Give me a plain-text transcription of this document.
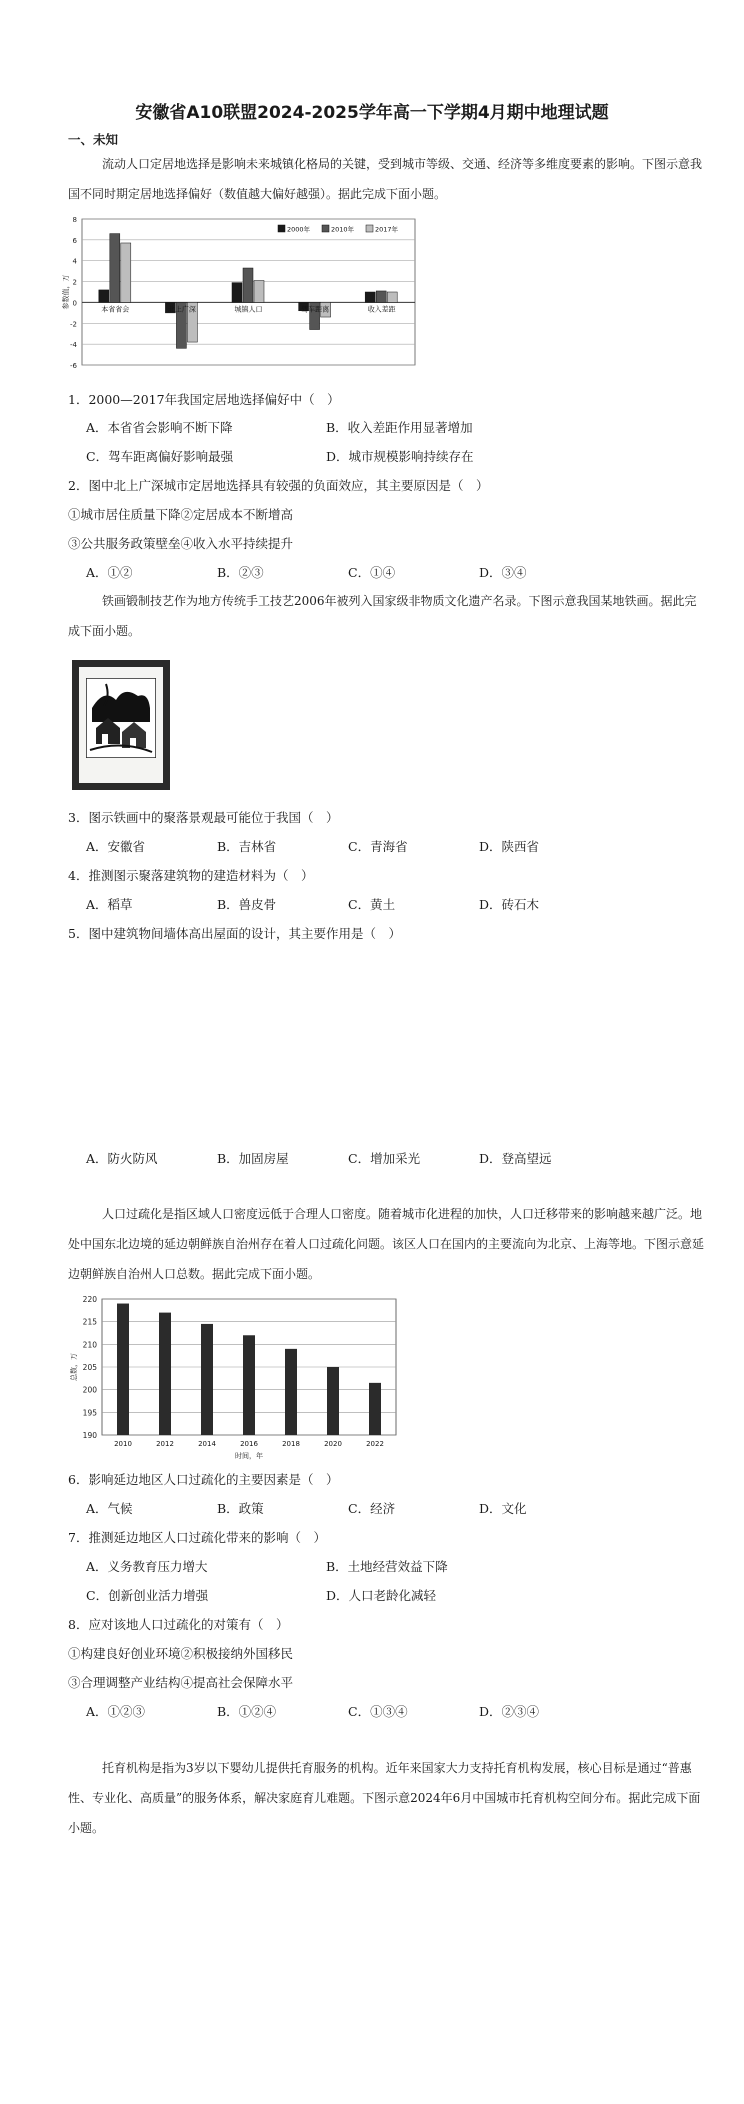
安徽省A10联盟2024-2025学年高一下学期4月期中地理试题
一、未知
流动人口定居地选择是影响未来城镇化格局的关键，受到城市等级、交通、经济等多维度要素的影响。下图示意我国不同时期定居地选择偏好（数值越大偏好越强）。据此完成下面小题。
8
6
4
2
0
-2
-4
-6
参数值，万	本省省会	北上广深	城镇人口	驾车距离	收入差距
2000年	2010年	2017年
1．2000—2017年我国定居地选择偏好中（　）
A．本省省会影响不断下降	B．收入差距作用显著增加
C．驾车距离偏好影响最强	D．城市规模影响持续存在
2．图中北上广深城市定居地选择具有较强的负面效应，其主要原因是（　）
①城市居住质量下降②定居成本不断增高
③公共服务政策壁垒④收入水平持续提升
A．①②	B．②③	C．①④	D．③④
铁画锻制技艺作为地方传统手工技艺2006年被列入国家级非物质文化遗产名录。下图示意我国某地铁画。据此完成下面小题。
3．图示铁画中的聚落景观最可能位于我国（　）
A．安徽省	B．吉林省	C．青海省	D．陕西省
4．推测图示聚落建筑物的建造材料为（　）
A．稻草	B．兽皮骨	C．黄土	D．砖石木
5．图中建筑物间墙体高出屋面的设计，其主要作用是（　）
A．防火防风	B．加固房屋	C．增加采光	D．登高望远
人口过疏化是指区域人口密度远低于合理人口密度。随着城市化进程的加快，人口迁移带来的影响越来越广泛。地处中国东北边境的延边朝鲜族自治州存在着人口过疏化问题。该区人口在国内的主要流向为北京、上海等地。下图示意延边朝鲜族自治州人口总数。据此完成下面小题。
220
215
210
205
200
195
190
总数，万
2010	2012	2014	2016	2018	2020	2022
时间，年
6．影响延边地区人口过疏化的主要因素是（　）
A．气候	B．政策	C．经济	D．文化
7．推测延边地区人口过疏化带来的影响（　）
A．义务教育压力增大	B．土地经营效益下降
C．创新创业活力增强	D．人口老龄化减轻
8．应对该地人口过疏化的对策有（　）
①构建良好创业环境②积极接纳外国移民
③合理调整产业结构④提高社会保障水平
A．①②③	B．①②④	C．①③④	D．②③④
托育机构是指为3岁以下婴幼儿提供托育服务的机构。近年来国家大力支持托育机构发展，核心目标是通过“普惠性、专业化、高质量”的服务体系，解决家庭育儿难题。下图示意2024年6月中国城市托育机构空间分布。据此完成下面小题。
